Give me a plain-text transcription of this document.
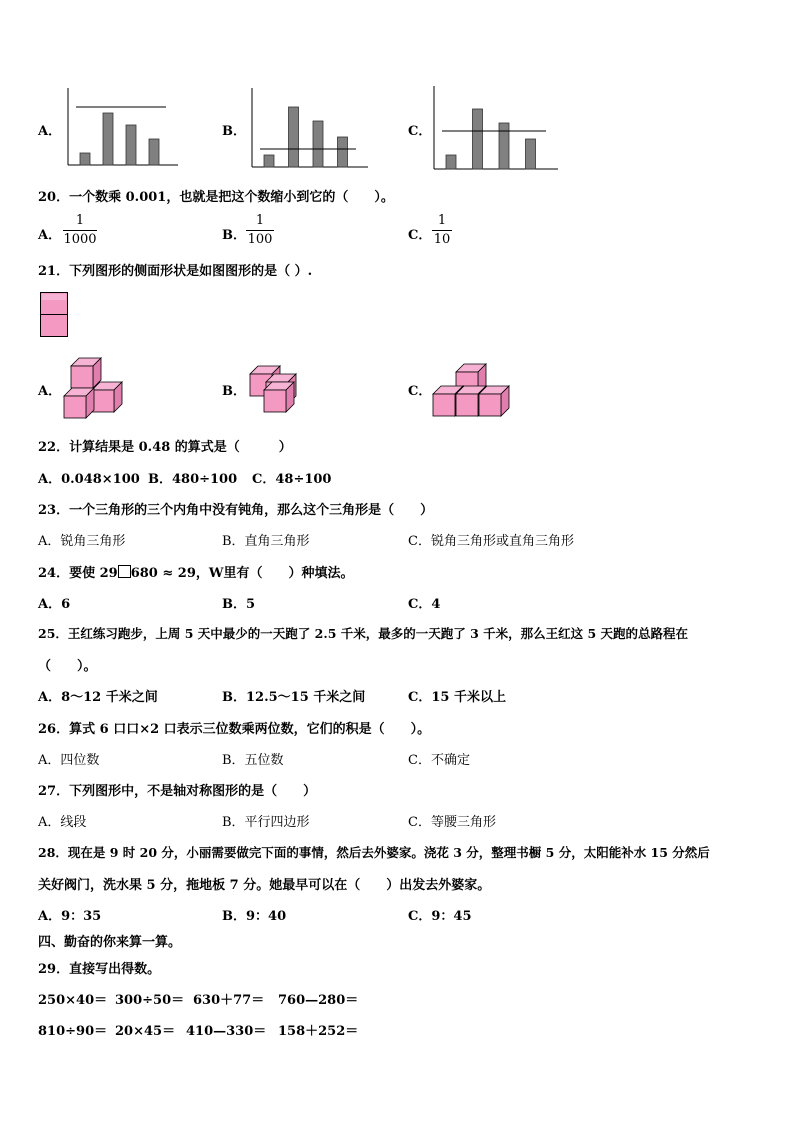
A．	B．	C．
20．一个数乘 0.001，也就是把这个数缩小到它的（　　）。
A．
1
1000	B．
1
100	C．
1
10
21．下列图形的侧面形状是如图图形的是（ ）.
A．	B．	C．
22．计算结果是 0.48 的算式是（　　　）
A．0.048×100 B．480÷100 C．48÷100
23．一个三角形的三个内角中没有钝角，那么这个三角形是（　　）
A．锐角三角形	B．直角三角形	C．锐角三角形或直角三角形
24．要使 29 680 ≈ 29，W里有（　　）种填法。
A．6	B．5	C．4
25．王红练习跑步，上周 5 天中最少的一天跑了 2.5 千米，最多的一天跑了 3 千米，那么王红这 5 天跑的总路程在
（　　）。
A．8～12 千米之间	B．12.5～15 千米之间	C．15 千米以上
26．算式 6 口口×2 口表示三位数乘两位数，它们的积是（　　）。
A．四位数	B．五位数	C．不确定
27．下列图形中，不是轴对称图形的是（　　）
A．线段	B．平行四边形	C．等腰三角形
28．现在是 9 时 20 分，小丽需要做完下面的事情，然后去外婆家。浇花 3 分，整理书橱 5 分，太阳能补水 15 分然后
关好阀门，洗水果 5 分，拖地板 7 分。她最早可以在（　　）出发去外婆家。
A．9：35	B．9：40	C．9：45
四、勤奋的你来算一算。
29．直接写出得数。
250×40＝ 300÷50＝ 630＋77＝ 760—280＝
810÷90＝ 20×45＝ 410—330＝ 158＋252＝
